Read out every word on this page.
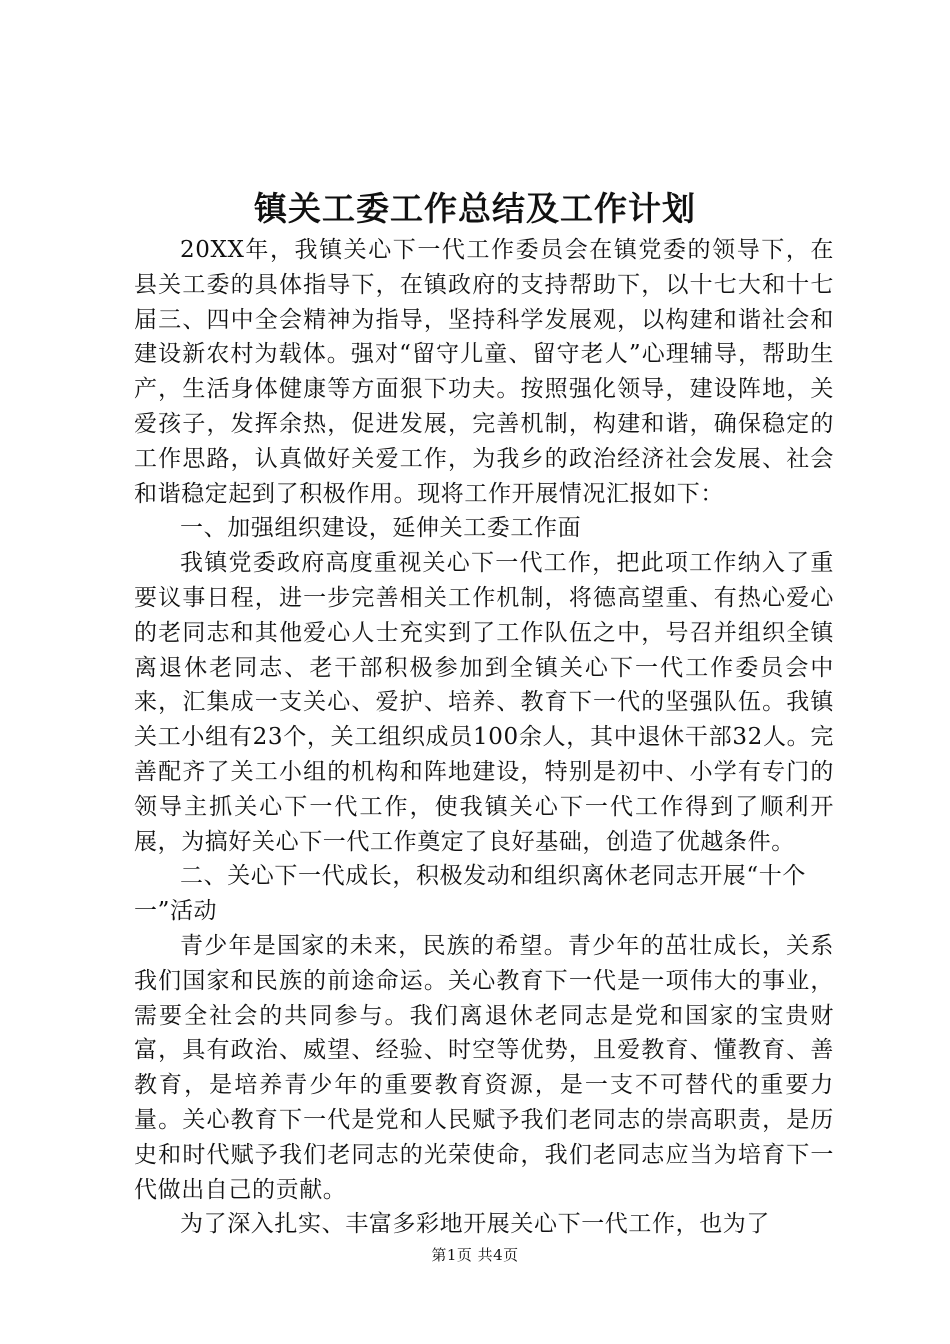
镇关工委工作总结及工作计划

20XX年，我镇关心下一代工作委员会在镇党委的领导下，在县关工委的具体指导下，在镇政府的支持帮助下，以十七大和十七届三、四中全会精神为指导，坚持科学发展观，以构建和谐社会和建设新农村为载体。强对“留守儿童、留守老人”心理辅导，帮助生产，生活身体健康等方面狠下功夫。按照强化领导，建设阵地，关爱孩子，发挥余热，促进发展，完善机制，构建和谐，确保稳定的工作思路，认真做好关爱工作，为我乡的政治经济社会发展、社会和谐稳定起到了积极作用。现将工作开展情况汇报如下：

一、加强组织建设，延伸关工委工作面

我镇党委政府高度重视关心下一代工作，把此项工作纳入了重要议事日程，进一步完善相关工作机制，将德高望重、有热心爱心的老同志和其他爱心人士充实到了工作队伍之中，号召并组织全镇离退休老同志、老干部积极参加到全镇关心下一代工作委员会中来，汇集成一支关心、爱护、培养、教育下一代的坚强队伍。我镇关工小组有23个，关工组织成员100余人，其中退休干部32人。完善配齐了关工小组的机构和阵地建设，特别是初中、小学有专门的领导主抓关心下一代工作，使我镇关心下一代工作得到了顺利开展，为搞好关心下一代工作奠定了良好基础，创造了优越条件。

二、关心下一代成长，积极发动和组织离休老同志开展“十个一”活动

青少年是国家的未来，民族的希望。青少年的茁壮成长，关系我们国家和民族的前途命运。关心教育下一代是一项伟大的事业，需要全社会的共同参与。我们离退休老同志是党和国家的宝贵财富，具有政治、威望、经验、时空等优势，且爱教育、懂教育、善教育，是培养青少年的重要教育资源，是一支不可替代的重要力量。关心教育下一代是党和人民赋予我们老同志的崇高职责，是历史和时代赋予我们老同志的光荣使命，我们老同志应当为培育下一代做出自己的贡献。

为了深入扎实、丰富多彩地开展关心下一代工作，也为了

第1页 共4页
